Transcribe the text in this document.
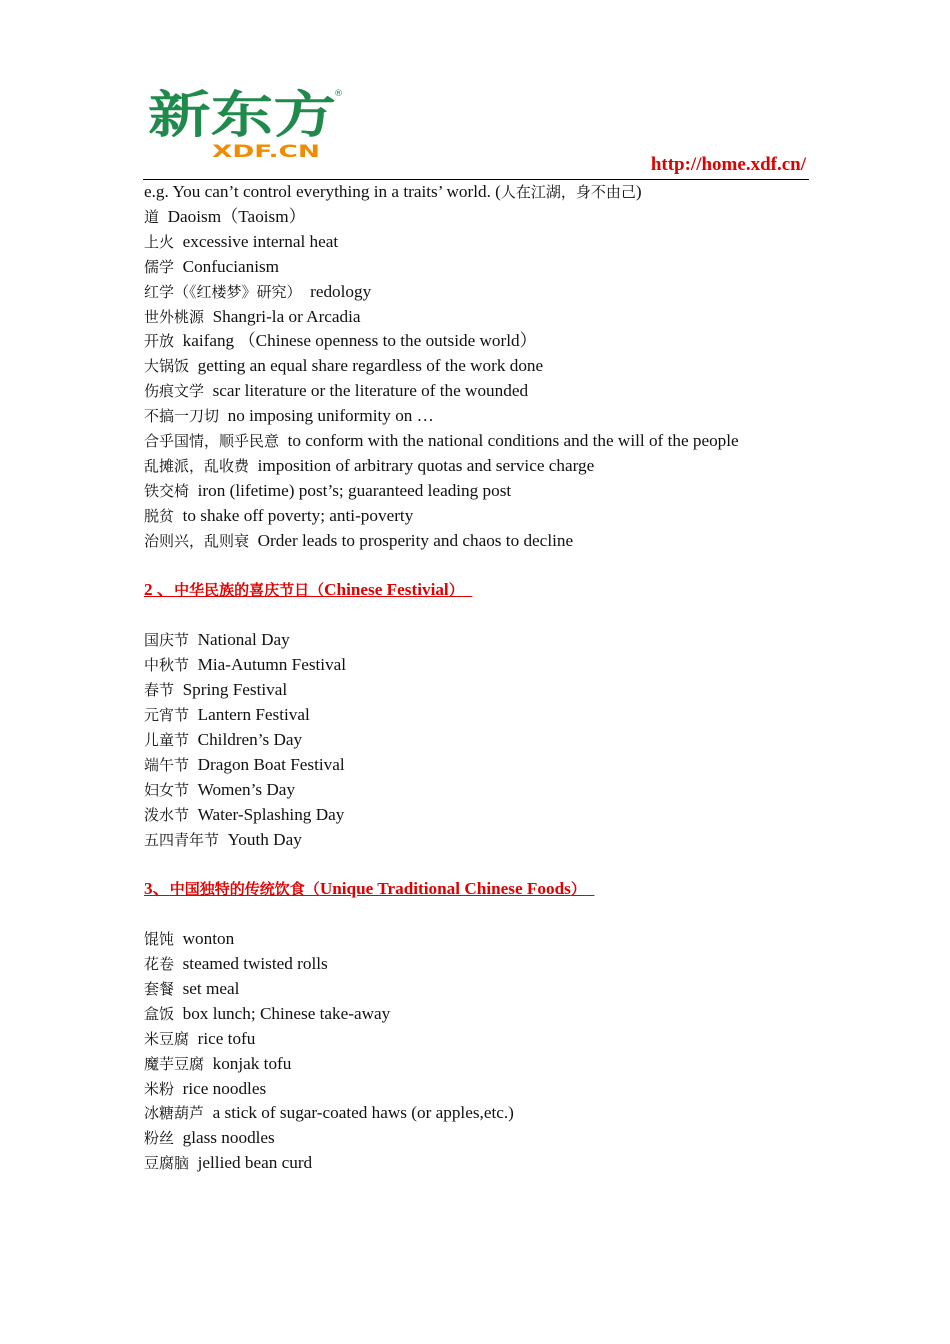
新东方
®
XDF.CN
http://home.xdf.cn/
e.g. You can’t control everything in a traits’ world. (人在江湖，身不由己)
道 Daoism（Taoism）
上火 excessive internal heat
儒学 Confucianism
红学（《红楼梦》研究） redology
世外桃源 Shangri-la or Arcadia
开放 kaifang （Chinese openness to the outside world）
大锅饭 getting an equal share regardless of the work done
伤痕文学 scar literature or the literature of the wounded
不搞一刀切 no imposing uniformity on …
合乎国情，顺乎民意 to conform with the national conditions and the will of the people
乱摊派，乱收费 imposition of arbitrary quotas and service charge
铁交椅 iron (lifetime) post’s; guaranteed leading post
脱贫 to shake off poverty; anti-poverty
治则兴，乱则衰 Order leads to prosperity and chaos to decline
2 、中华民族的喜庆节日（Chinese Festivial）
国庆节 National Day
中秋节 Mia-Autumn Festival
春节 Spring Festival
元宵节 Lantern Festival
儿童节 Children’s Day
端午节 Dragon Boat Festival
妇女节 Women’s Day
泼水节 Water-Splashing Day
五四青年节 Youth Day
3、中国独特的传统饮食（Unique Traditional Chinese Foods）
馄饨 wonton
花卷 steamed twisted rolls
套餐 set meal
盒饭 box lunch; Chinese take-away
米豆腐 rice tofu
魔芋豆腐 konjak tofu
米粉 rice noodles
冰糖葫芦 a stick of sugar-coated haws (or apples,etc.)
粉丝 glass noodles
豆腐脑 jellied bean curd
